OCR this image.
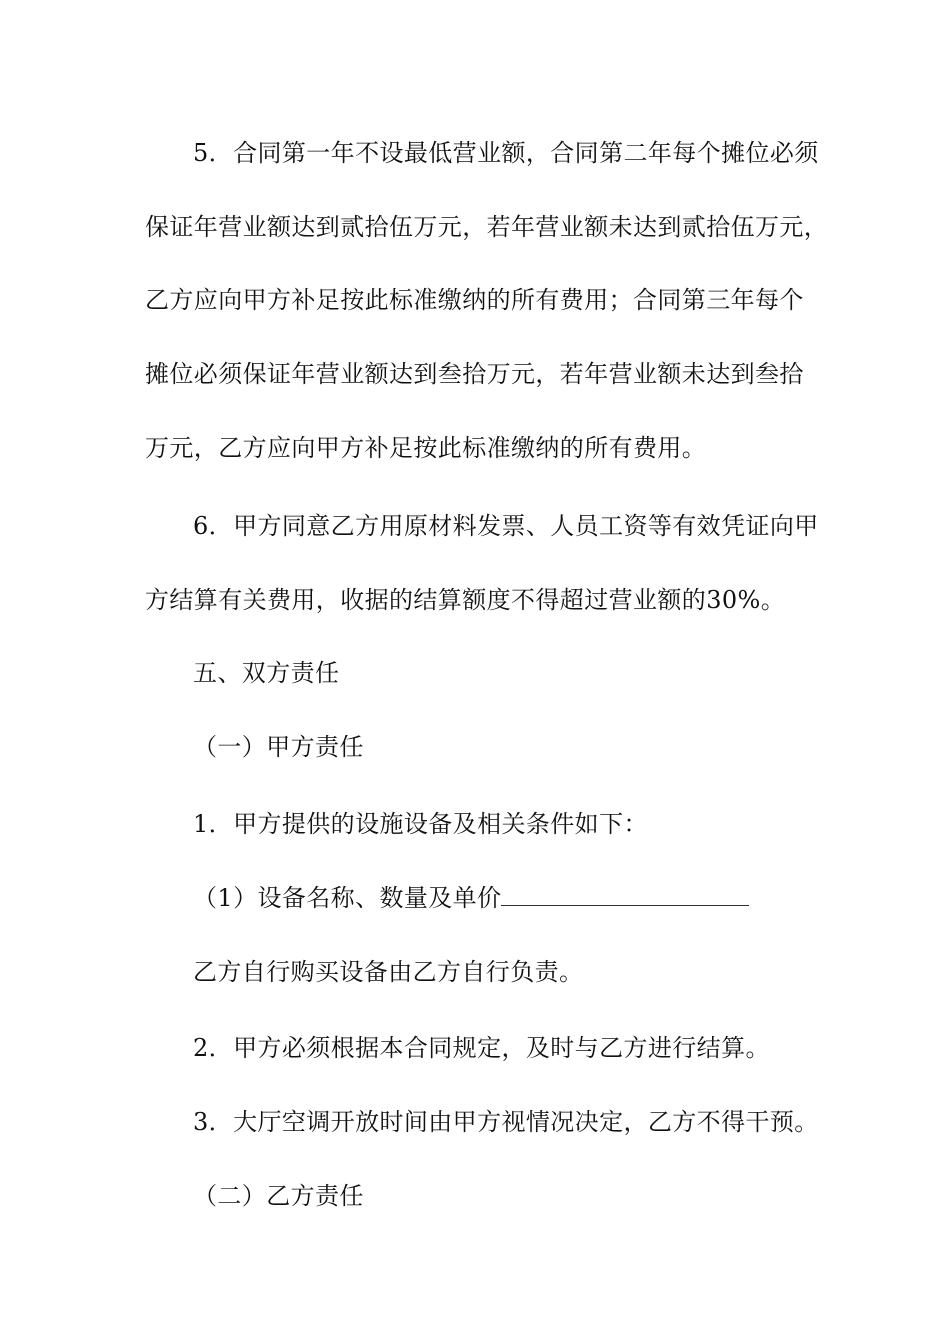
5．合同第一年不设最低营业额，合同第二年每个摊位必须
保证年营业额达到贰拾伍万元，若年营业额未达到贰拾伍万元，
乙方应向甲方补足按此标准缴纳的所有费用；合同第三年每个
摊位必须保证年营业额达到叁拾万元，若年营业额未达到叁拾
万元，乙方应向甲方补足按此标准缴纳的所有费用。
6．甲方同意乙方用原材料发票、人员工资等有效凭证向甲
方结算有关费用，收据的结算额度不得超过营业额的30%。
五、双方责任
（一）甲方责任
1．甲方提供的设施设备及相关条件如下：
（1）设备名称、数量及单价
乙方自行购买设备由乙方自行负责。
2．甲方必须根据本合同规定，及时与乙方进行结算。
3．大厅空调开放时间由甲方视情况决定，乙方不得干预。
（二）乙方责任
